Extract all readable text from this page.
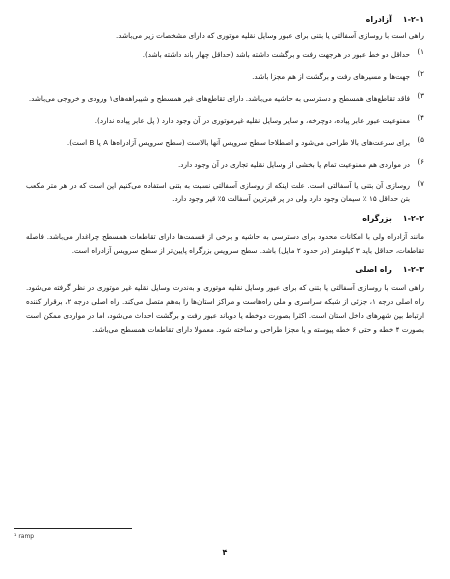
۱-۲-۱ آزادراه

راهی است با روسازی آسفالتی یا بتنی برای عبور وسایل نقلیه موتوری که دارای مشخصات زیر می‌باشد.

۱)
حداقل دو خط عبور در هرجهت رفت و برگشت داشته باشد (حداقل چهار باند داشته باشد).
۲)
جهت‌ها و مسیرهای رفت و برگشت از هم مجزا باشد.
۳)
فاقد تقاطع‌های همسطح و دسترسی به حاشیه می‌باشد. دارای تقاطع‌های غیر همسطح و شیبراهه‌های۱ ورودی و خروجی می‌باشد.
۴)
ممنوعیت عبور عابر پیاده، دوچرخه، و سایر وسایل نقلیه غیرموتوری در آن وجود دارد ( پل عابر پیاده ندارد).
۵)
برای سرعت‌های بالا طراحی می‌شود و اصطلاحا سطح سرویس آنها بالاست (سطح سرویس آزادراه‌ها A یا B است).
۶)
در مواردی هم ممنوعیت تمام یا بخشی از وسایل نقلیه تجاری در آن وجود دارد.
۷)
روسازی آن بتنی یا آسفالتی است. علت اینکه از روسازی آسفالتی نسبت به بتنی استفاده می‌کنیم این است که در هر متر مکعب بتن حداقل ۱۵ ٪ سیمان وجود دارد ولی در پر قیرترین آسفالت ۵٪ قیر وجود دارد.
۱-۲-۲ بزرگراه

مانند آزادراه ولی با امکانات محدود برای دسترسی به حاشیه و برخی از قسمت‌ها دارای تقاطعات همسطح چراغدار می‌باشد. فاصله تقاطعات، حداقل باید ۳ کیلومتر (در حدود ۲ مایل) باشد. سطح سرویس بزرگراه پایین‌تر از سطح سرویس آزادراه است.

۱-۲-۳ راه اصلی

راهی است با روسازی آسفالتی یا بتنی که برای عبور وسایل نقلیه موتوری و به‌ندرت وسایل نقلیه غیر موتوری در نظر گرفته می‌شود. راه اصلی درجه ۱، جزئی از شبکه سراسری و ملی راه‌هاست و مراکز استان‌ها را به‌هم متصل می‌کند. راه اصلی درجه ۲، برقرار کننده ارتباط بین شهرهای داخل استان است. اکثرا بصورت دوخطه یا دوباند عبور رفت و برگشت احداث می‌شود، اما در مواردی ممکن است بصورت ۴ خطه و حتی ۶ خطه پیوسته و یا مجزا طراحی و ساخته شود. معمولا دارای تقاطعات همسطح می‌باشد.

¹ ramp
۴
